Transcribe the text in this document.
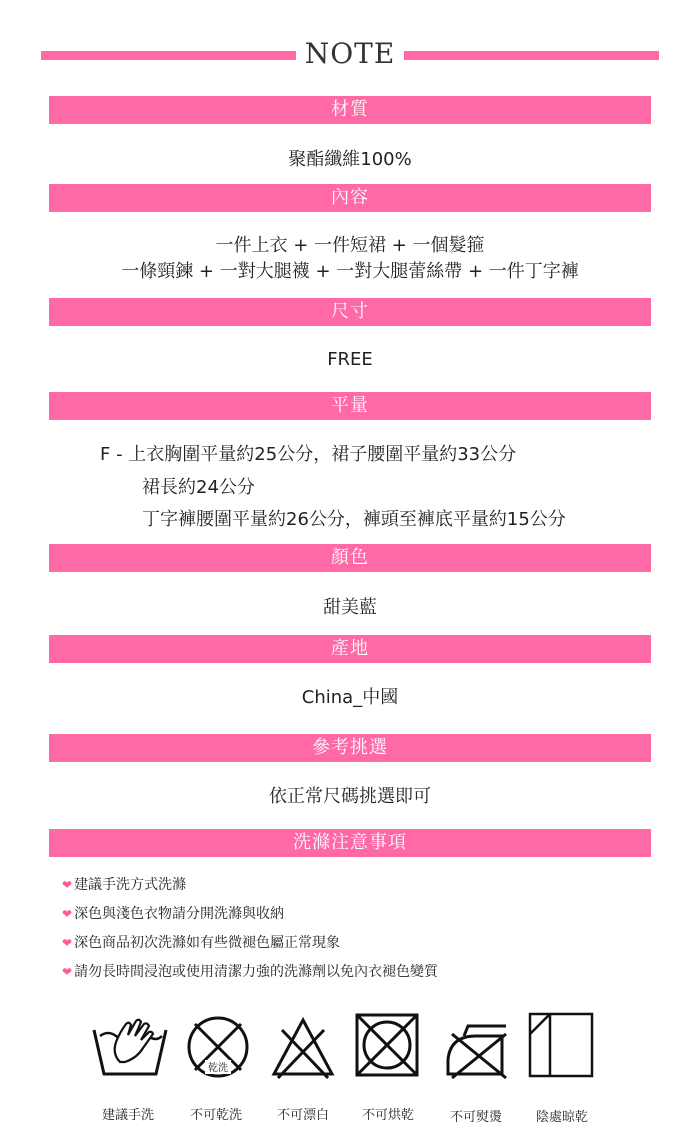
NOTE
材質
聚酯纖維100%
內容
一件上衣 + 一件短裙 + 一個髮箍
一條頸鍊 + 一對大腿襪 + 一對大腿蕾絲帶 + 一件丁字褲
尺寸
FREE
平量
F - 上衣胸圍平量約25公分，裙子腰圍平量約33公分
裙長約24公分
丁字褲腰圍平量約26公分，褲頭至褲底平量約15公分
顏色
甜美藍
產地
China_中國
參考挑選
依正常尺碼挑選即可
洗滌注意事項
❤ 建議手洗方式洗滌
❤ 深色與淺色衣物請分開洗滌與收納
❤ 深色商品初次洗滌如有些微褪色屬正常現象
❤ 請勿長時間浸泡或使用清潔力強的洗滌劑以免內衣褪色變質
乾洗
建議手洗	不可乾洗	不可漂白	不可烘乾	不可熨燙	陰處晾乾
